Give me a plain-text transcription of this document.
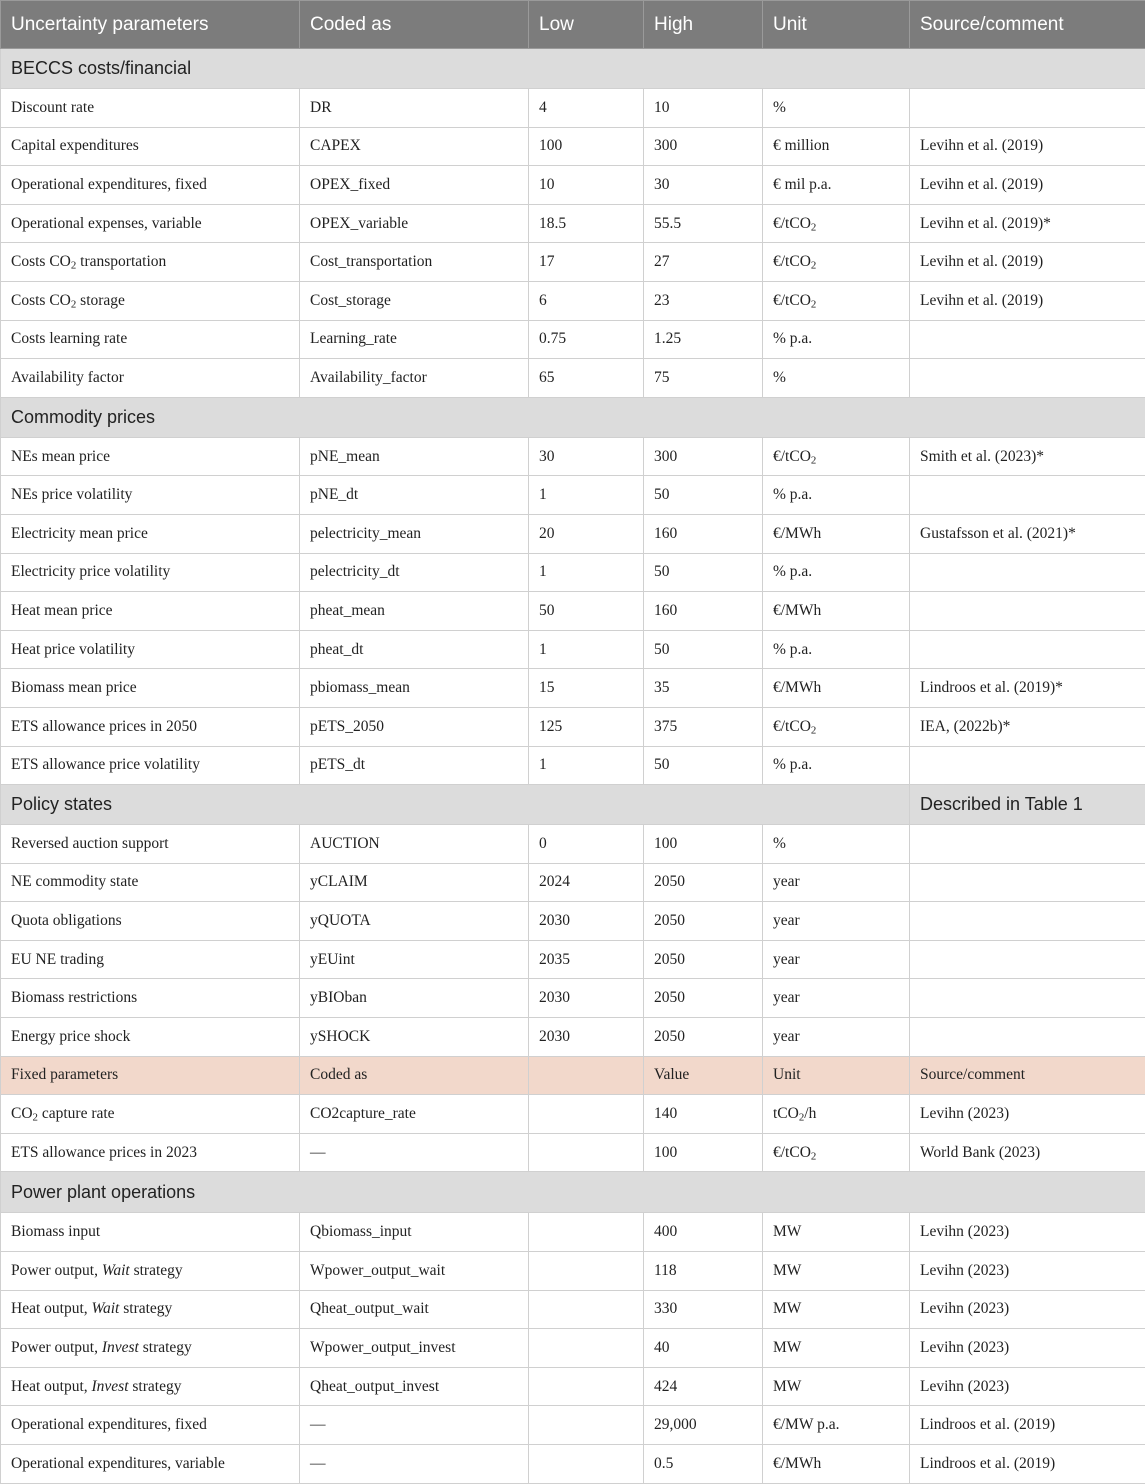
Uncertainty parameters	Coded as	Low	High	Unit	Source/comment
BECCS costs/financial					
Discount rate	DR	4	10	%	
Capital expenditures	CAPEX	100	300	€ million	Levihn et al. (2019)
Operational expenditures, fixed	OPEX_fixed	10	30	€ mil p.a.	Levihn et al. (2019)
Operational expenses, variable	OPEX_variable	18.5	55.5	€/tCO$_2$	Levihn et al. (2019)*
Costs $CO_2$ transportation	Cost_transportation	17	27	€/tCO$_2$	Levihn et al. (2019)
Costs $CO_2$ storage	Cost_storage	6	23	€/tCO$_2$	Levihn et al. (2019)
Costs learning rate	Learning_rate	0.75	1.25	% p.a.	
Availability factor	Availability_factor	65	75	%	
Commodity prices					
NEs mean price	pNE_mean	30	300	€/tCO$_2$	Smith et al. (2023)*
NEs price volatility	pNE_dt	1	50	% p.a.	
Electricity mean price	pelectricity_mean	20	160	€/MWh	Gustafsson et al. (2021)*
Electricity price volatility	pelectricity_dt	1	50	% p.a.	
Heat mean price	pheat_mean	50	160	€/MWh	
Heat price volatility	pheat_dt	1	50	% p.a.	
Biomass mean price	pbiomass_mean	15	35	€/MWh	Lindroos et al. (2019)*
ETS allowance prices in 2050	pETS_2050	125	375	€/tCO$_2$	IEA, (2022b)*
ETS allowance price volatility	pETS_dt	1	50	% p.a.	
Policy states					Described in Table 1
Reversed auction support	AUCTION	0	100	%	
NE commodity state	yCLAIM	2024	2050	year	
Quota obligations	yQUOTA	2030	2050	year	
EU NE trading	yEUint	2035	2050	year	
Biomass restrictions	yBIOban	2030	2050	year	
Energy price shock	ySHOCK	2030	2050	year	
Fixed parameters	Coded as		Value	Unit	Source/comment
$CO_2$ capture rate	CO2capture_rate		140	tCO$_2$/h	Levihn (2023)
ETS allowance prices in 2023	—		100	€/tCO$_2$	World Bank (2023)
Power plant operations					
Biomass input	Qbiomass_input		400	MW	Levihn (2023)
Power output, Wait strategy	Wpower_output_wait		118	MW	Levihn (2023)
Heat output, Wait strategy	Qheat_output_wait		330	MW	Levihn (2023)
Power output, Invest strategy	Wpower_output_invest		40	MW	Levihn (2023)
Heat output, Invest strategy	Qheat_output_invest		424	MW	Levihn (2023)
Operational expenditures, fixed	—		29,000	€/MW p.a.	Lindroos et al. (2019)
Operational expenditures, variable	—		0.5	€/MWh	Lindroos et al. (2019)
